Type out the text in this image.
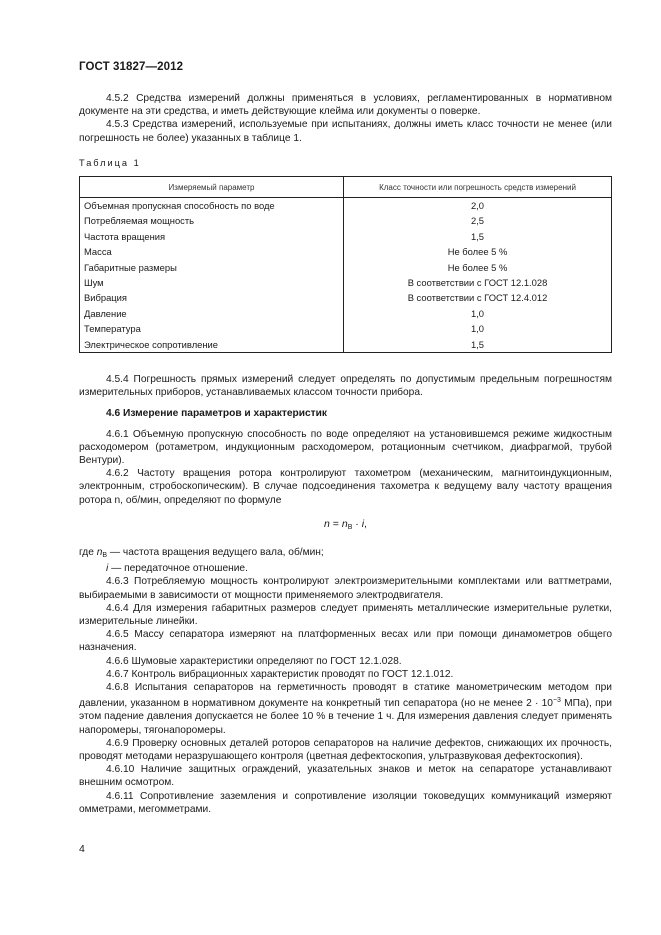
ГОСТ 31827—2012

4.5.2 Средства измерений должны применяться в условиях, регламентированных в нормативном документе на эти средства, и иметь действующие клейма или документы о поверке.

4.5.3 Средства измерений, используемые при испытаниях, должны иметь класс точности не менее (или погрешность не более) указанных в таблице 1.

Таблица 1
Измеряемый параметр	Класс точности или погрешность средств измерений
Объемная пропускная способность по воде	2,0
Потребляемая мощность	2,5
Частота вращения	1,5
Масса	Не более 5 %
Габаритные размеры	Не более 5 %
Шум	В соответствии с ГОСТ 12.1.028
Вибрация	В соответствии с ГОСТ 12.4.012
Давление	1,0
Температура	1,0
Электрическое сопротивление	1,5

4.5.4 Погрешность прямых измерений следует определять по допустимым предельным погрешностям измерительных приборов, устанавливаемых классом точности прибора.

4.6 Измерение параметров и характеристик

4.6.1 Объемную пропускную способность по воде определяют на установившемся режиме жидкостным расходомером (ротаметром, индукционным расходомером, ротационным счетчиком, диафрагмой, трубой Вентури).

4.6.2 Частоту вращения ротора контролируют тахометром (механическим, магнитоиндукционным, электронным, стробоскопическим). В случае подсоединения тахометра к ведущему валу частоту вращения ротора n, об/мин, определяют по формуле

$n = n_В \cdot i$,

где $n_В$ — частота вращения ведущего вала, об/мин;

i — передаточное отношение.

4.6.3 Потребляемую мощность контролируют электроизмерительными комплектами или ваттметрами, выбираемыми в зависимости от мощности применяемого электродвигателя.

4.6.4 Для измерения габаритных размеров следует применять металлические измерительные рулетки, измерительные линейки.

4.6.5 Массу сепаратора измеряют на платформенных весах или при помощи динамометров общего назначения.

4.6.6 Шумовые характеристики определяют по ГОСТ 12.1.028.

4.6.7 Контроль вибрационных характеристик проводят по ГОСТ 12.1.012.

4.6.8 Испытания сепараторов на герметичность проводят в статике манометрическим методом при давлении, указанном в нормативном документе на конкретный тип сепаратора (но не менее $2 \cdot 10^{-3}$ МПа), при этом падение давления допускается не более 10 % в течение 1 ч. Для измерения давления следует применять напоромеры, тягонапоромеры.

4.6.9 Проверку основных деталей роторов сепараторов на наличие дефектов, снижающих их прочность, проводят методами неразрушающего контроля (цветная дефектоскопия, ультразвуковая дефектоскопия).

4.6.10 Наличие защитных ограждений, указательных знаков и меток на сепараторе устанавливают внешним осмотром.

4.6.11 Сопротивление заземления и сопротивление изоляции токоведущих коммуникаций измеряют омметрами, мегомметрами.

4
